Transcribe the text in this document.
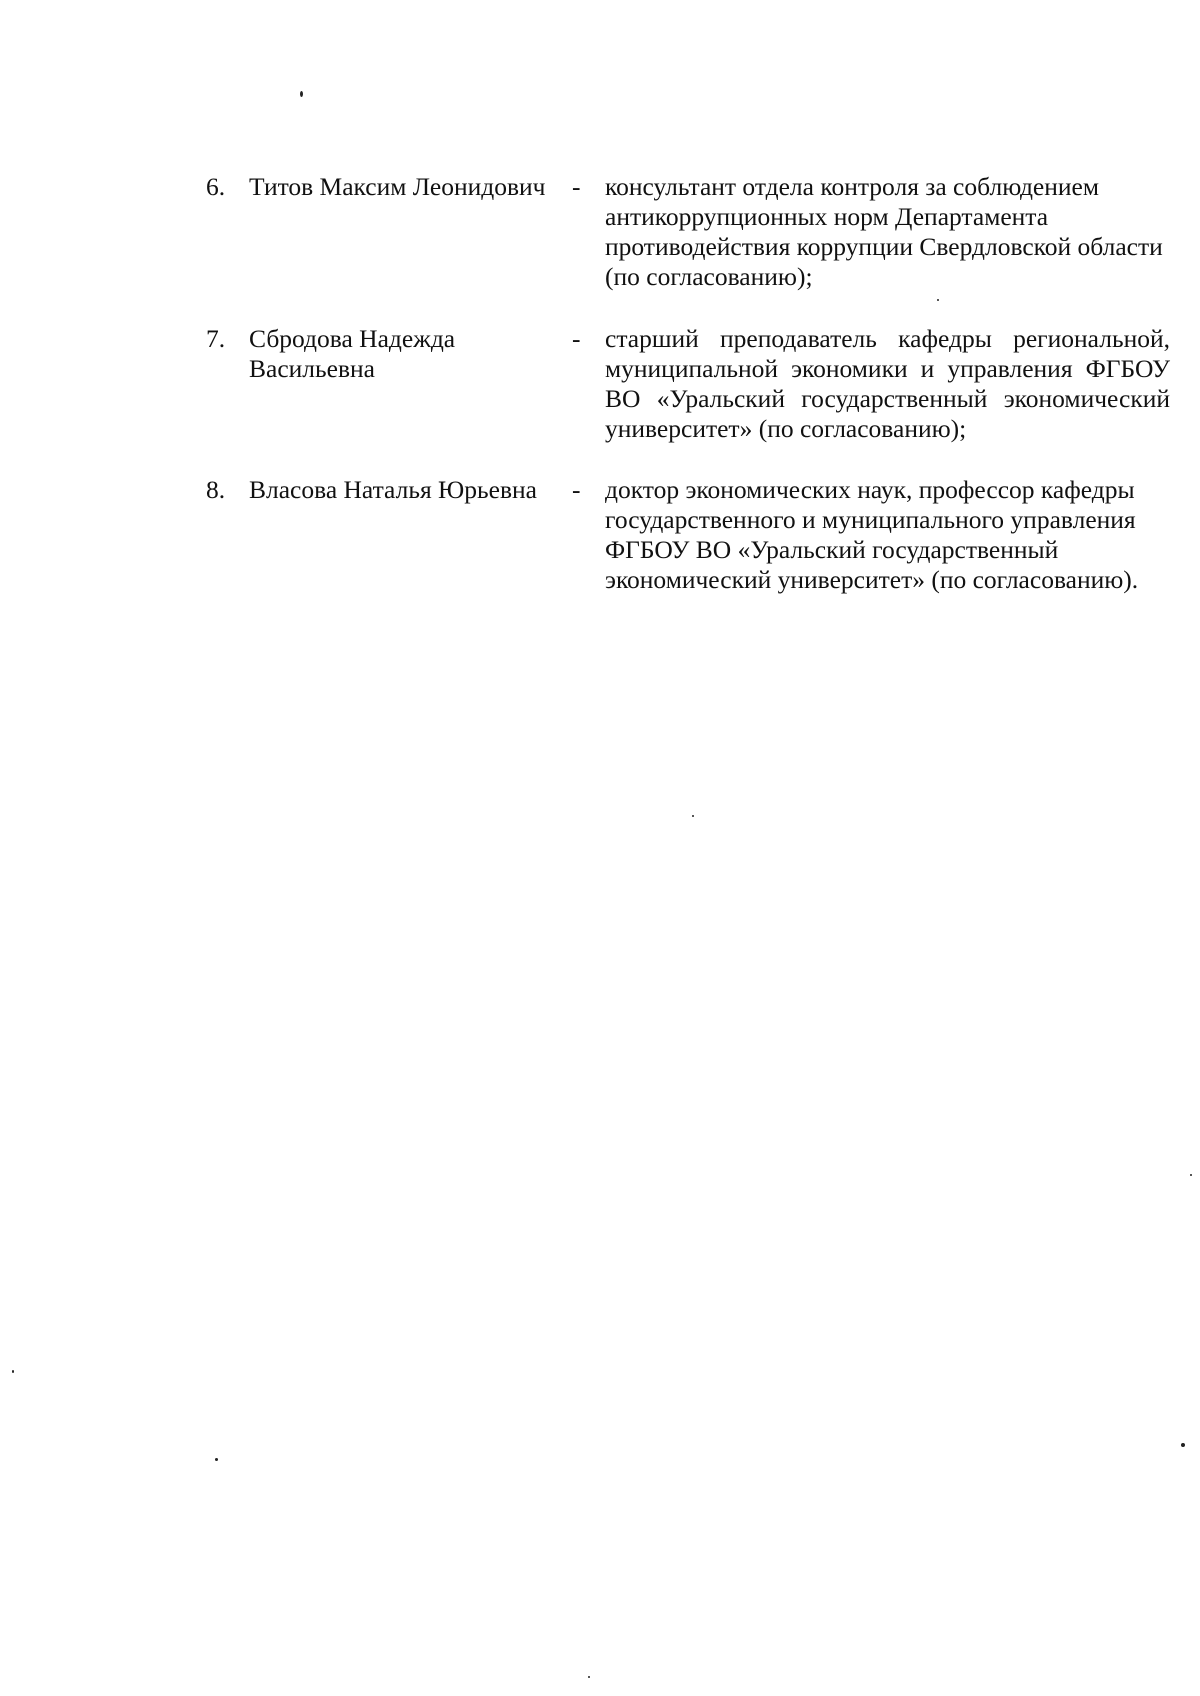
6. Титов Максим Леонидович	- консультант отдела контроля за соблюдением антикоррупционных норм Департамента противодействия коррупции Свердловской области (по согласованию);
7. Сбродова Надежда Васильевна
- старший преподаватель кафедры региональной, муниципальной экономики и управления ФГБОУ ВО «Уральский государственный экономический университет» (по согласованию);
8. Власова Наталья Юрьевна	- доктор экономических наук, профессор кафедры государственного и муниципального управления ФГБОУ ВО «Уральский государственный экономический университет» (по согласованию).
